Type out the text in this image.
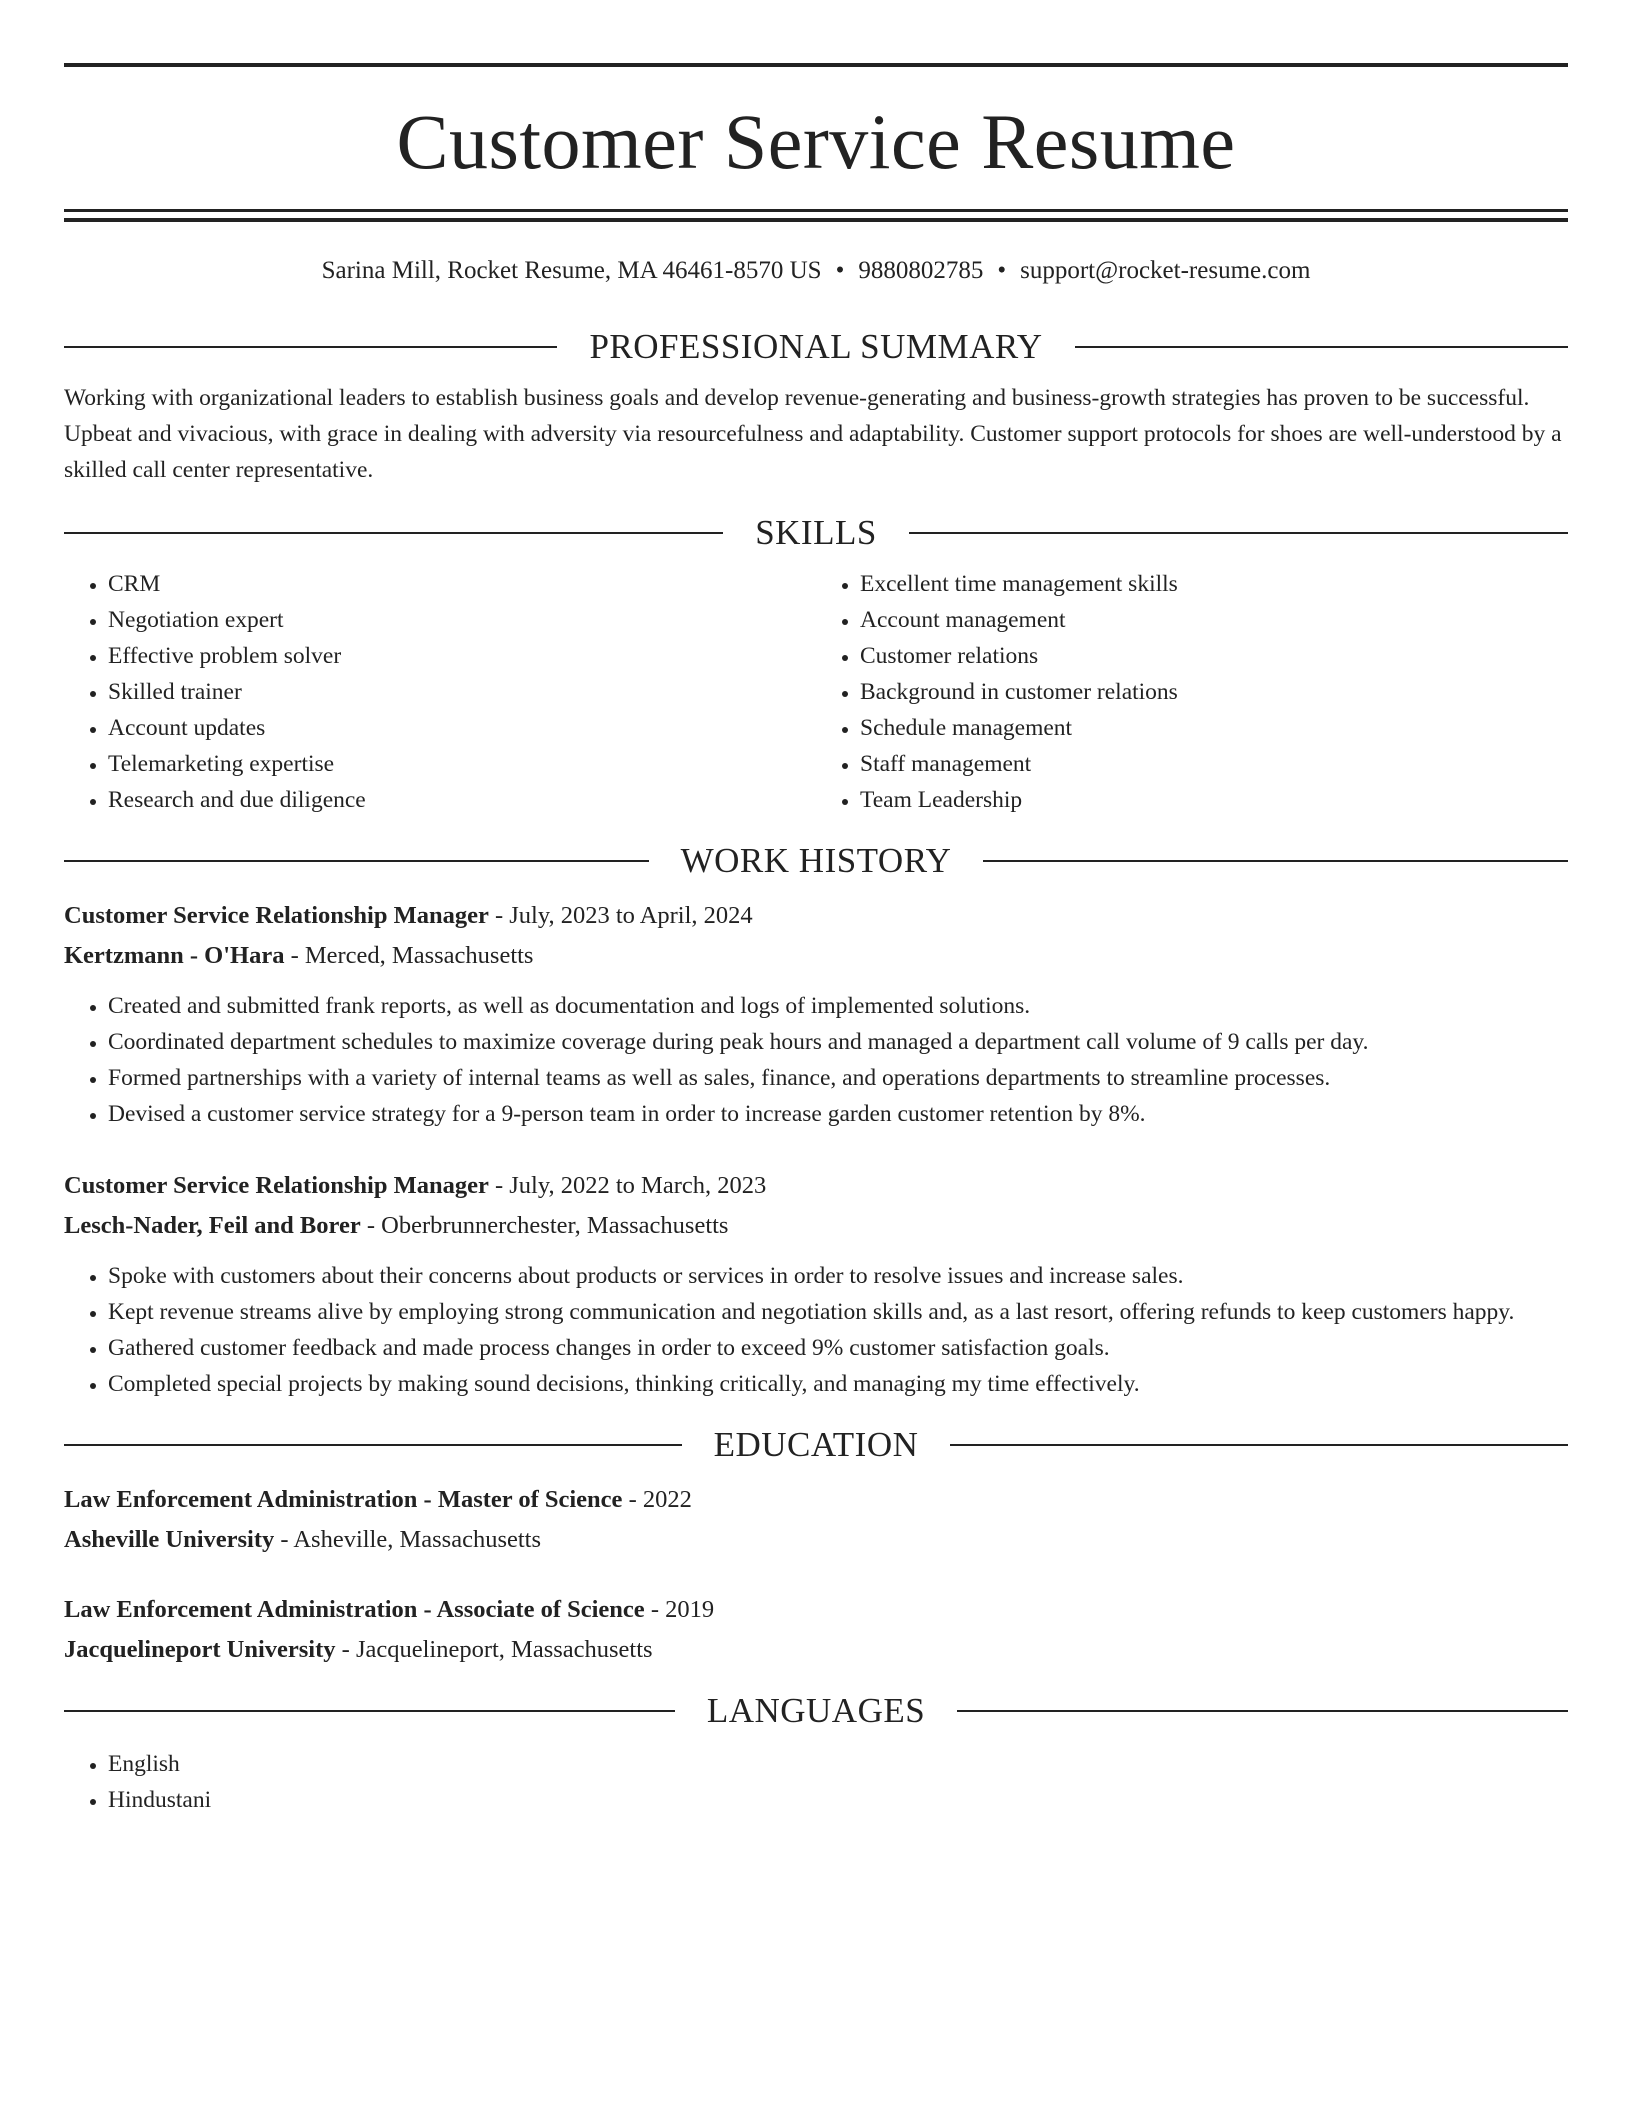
Customer Service Resume
Sarina Mill, Rocket Resume, MA 46461-8570 US • 9880802785 • support@rocket-resume.com
PROFESSIONAL SUMMARY

Working with organizational leaders to establish business goals and develop revenue-generating and business-growth strategies has proven to be successful. Upbeat and vivacious, with grace in dealing with adversity via resourcefulness and adaptability. Customer support protocols for shoes are well-understood by a skilled call center representative.

SKILLS
• CRM
• Negotiation expert
• Effective problem solver
• Skilled trainer
• Account updates
• Telemarketing expertise
• Research and due diligence
• Excellent time management skills
• Account management
• Customer relations
• Background in customer relations
• Schedule management
• Staff management
• Team Leadership
WORK HISTORY
Customer Service Relationship Manager - July, 2023 to April, 2024
Kertzmann - O'Hara - Merced, Massachusetts
• Created and submitted frank reports, as well as documentation and logs of implemented solutions.
• Coordinated department schedules to maximize coverage during peak hours and managed a department call volume of 9 calls per day.
• Formed partnerships with a variety of internal teams as well as sales, finance, and operations departments to streamline processes.
• Devised a customer service strategy for a 9-person team in order to increase garden customer retention by 8%.
Customer Service Relationship Manager - July, 2022 to March, 2023
Lesch-Nader, Feil and Borer - Oberbrunnerchester, Massachusetts
• Spoke with customers about their concerns about products or services in order to resolve issues and increase sales.
• Kept revenue streams alive by employing strong communication and negotiation skills and, as a last resort, offering refunds to keep customers happy.
• Gathered customer feedback and made process changes in order to exceed 9% customer satisfaction goals.
• Completed special projects by making sound decisions, thinking critically, and managing my time effectively.
EDUCATION
Law Enforcement Administration - Master of Science - 2022
Asheville University - Asheville, Massachusetts
Law Enforcement Administration - Associate of Science - 2019
Jacquelineport University - Jacquelineport, Massachusetts
LANGUAGES
• English
• Hindustani
